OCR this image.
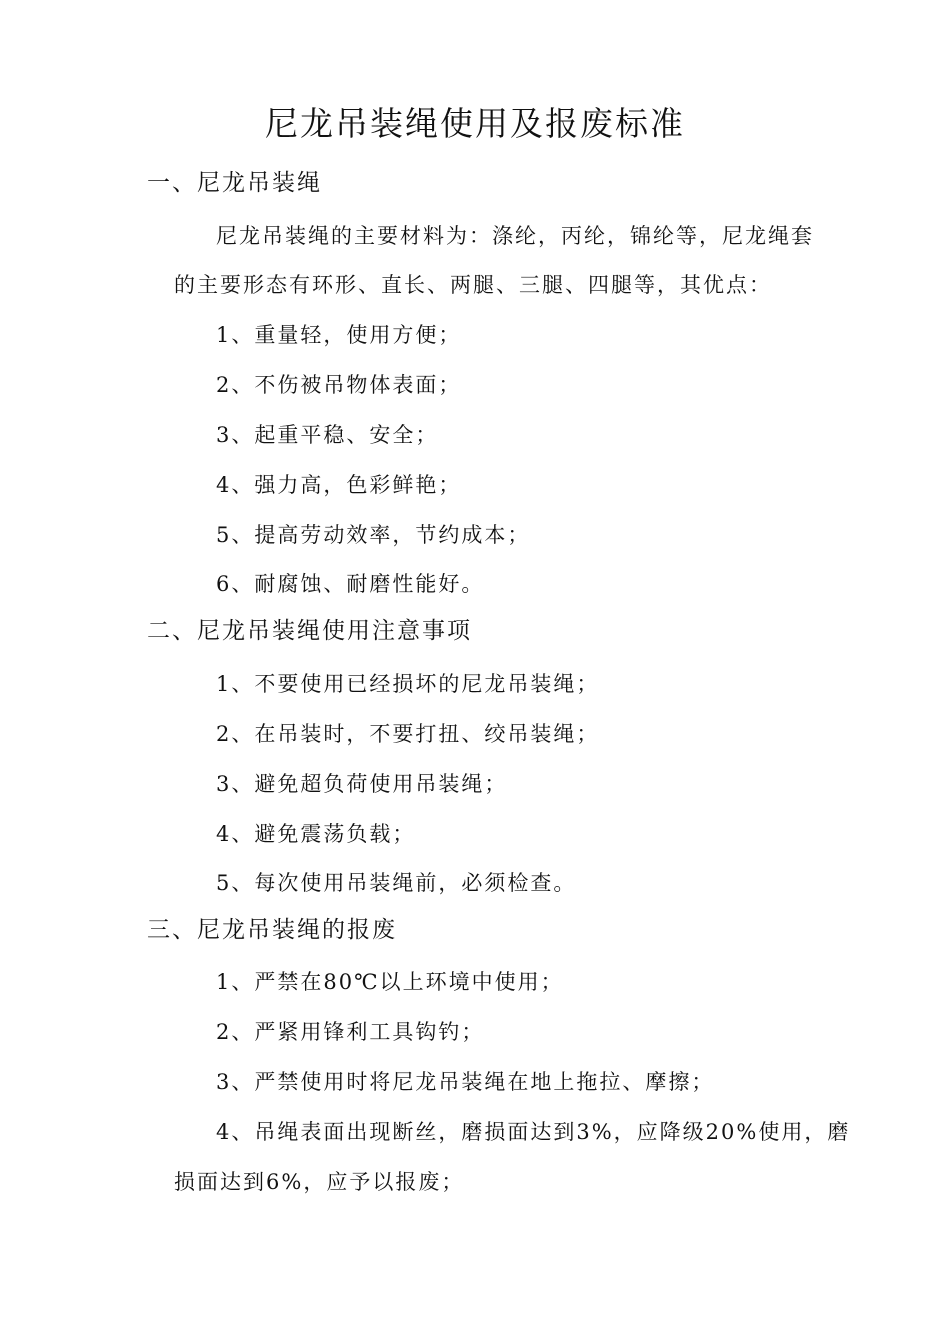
尼龙吊装绳使用及报废标准
一、尼龙吊装绳
尼龙吊装绳的主要材料为：涤纶，丙纶，锦纶等，尼龙绳套
的主要形态有环形、直长、两腿、三腿、四腿等，其优点：
1、重量轻，使用方便；
2、不伤被吊物体表面；
3、起重平稳、安全；
4、强力高，色彩鲜艳；
5、提高劳动效率，节约成本；
6、耐腐蚀、耐磨性能好。
二、尼龙吊装绳使用注意事项
1、不要使用已经损坏的尼龙吊装绳；
2、在吊装时，不要打扭、绞吊装绳；
3、避免超负荷使用吊装绳；
4、避免震荡负载；
5、每次使用吊装绳前，必须检查。
三、尼龙吊装绳的报废
1、严禁在80℃以上环境中使用；
2、严紧用锋利工具钩钓；
3、严禁使用时将尼龙吊装绳在地上拖拉、摩擦；
4、吊绳表面出现断丝，磨损面达到3%，应降级20%使用，磨
损面达到6%，应予以报废；
